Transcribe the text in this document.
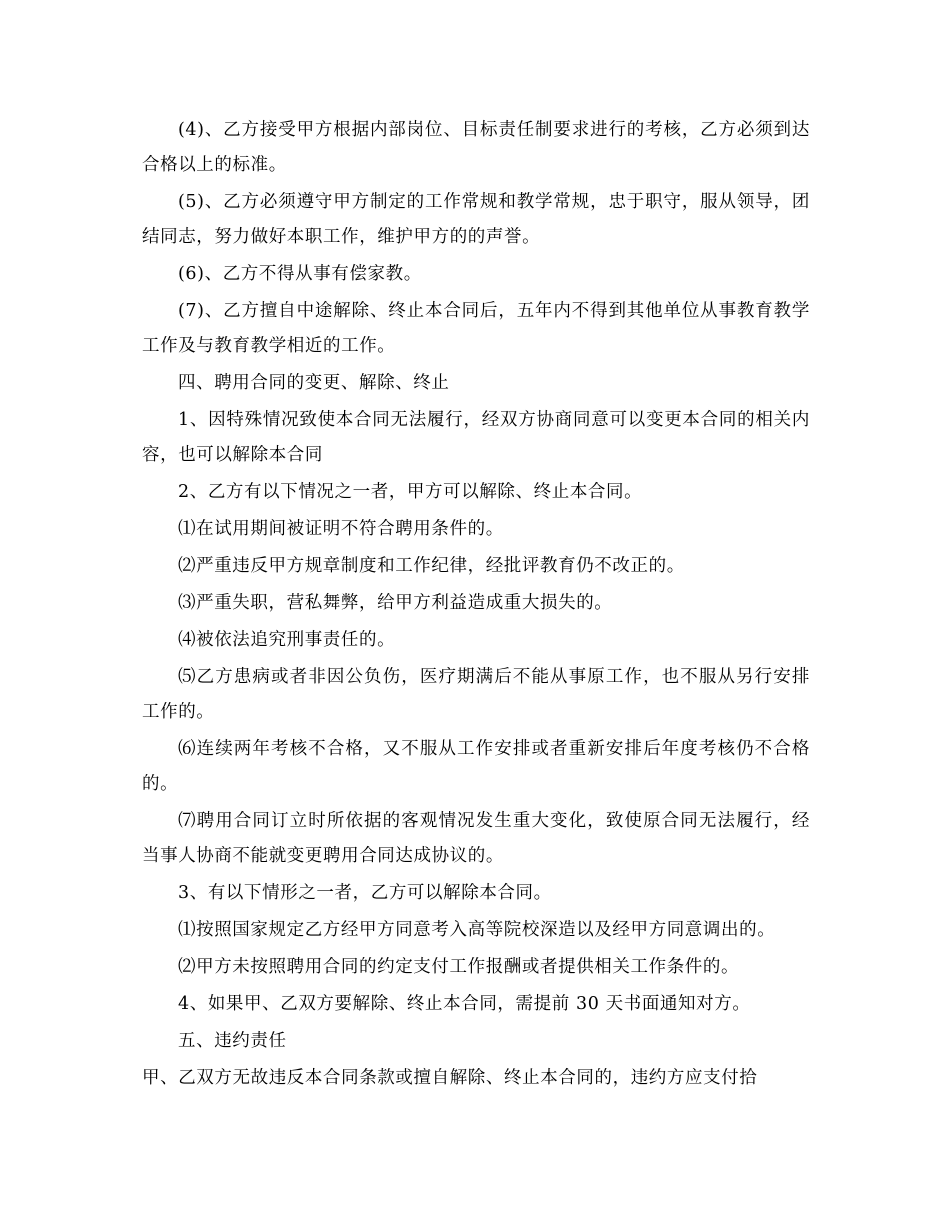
(4)、乙方接受甲方根据内部岗位、目标责任制要求进行的考核，乙方必须到达合格以上的标准。

(5)、乙方必须遵守甲方制定的工作常规和教学常规，忠于职守，服从领导，团结同志，努力做好本职工作，维护甲方的的声誉。

(6)、乙方不得从事有偿家教。

(7)、乙方擅自中途解除、终止本合同后，五年内不得到其他单位从事教育教学工作及与教育教学相近的工作。

四、聘用合同的变更、解除、终止

1、因特殊情况致使本合同无法履行，经双方协商同意可以变更本合同的相关内容，也可以解除本合同

2、乙方有以下情况之一者，甲方可以解除、终止本合同。

⑴在试用期间被证明不符合聘用条件的。

⑵严重违反甲方规章制度和工作纪律，经批评教育仍不改正的。

⑶严重失职，营私舞弊，给甲方利益造成重大损失的。

⑷被依法追究刑事责任的。

⑸乙方患病或者非因公负伤，医疗期满后不能从事原工作，也不服从另行安排工作的。

⑹连续两年考核不合格，又不服从工作安排或者重新安排后年度考核仍不合格的。

⑺聘用合同订立时所依据的客观情况发生重大变化，致使原合同无法履行，经当事人协商不能就变更聘用合同达成协议的。

3、有以下情形之一者，乙方可以解除本合同。

⑴按照国家规定乙方经甲方同意考入高等院校深造以及经甲方同意调出的。

⑵甲方未按照聘用合同的约定支付工作报酬或者提供相关工作条件的。

4、如果甲、乙双方要解除、终止本合同，需提前 30 天书面通知对方。

五、违约责任

甲、乙双方无故违反本合同条款或擅自解除、终止本合同的，违约方应支付拾
